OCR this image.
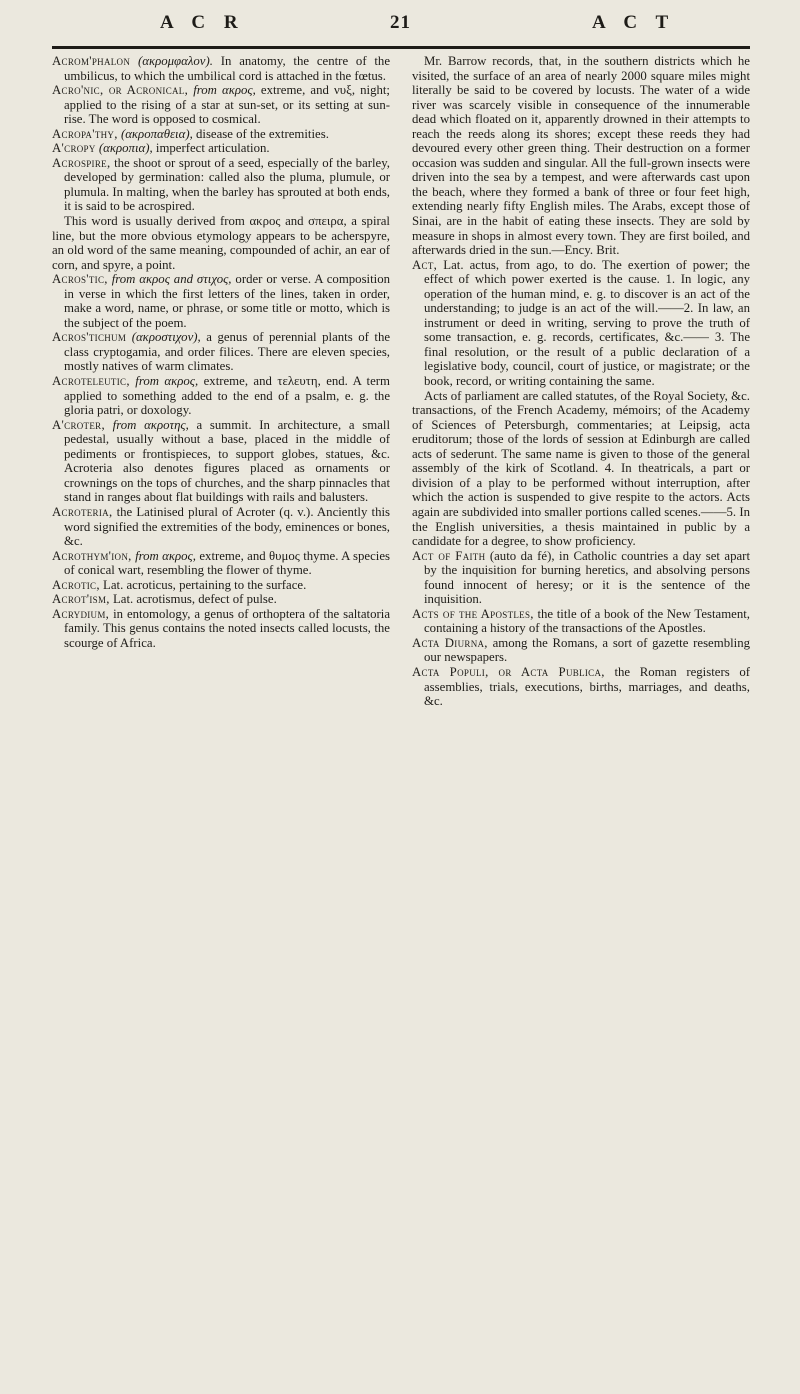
A C R	21	A C T

Acrom'phalon (ακρομφαλον). In anatomy, the centre of the umbilicus, to which the umbilical cord is attached in the fœtus.

Acro'nic, or Acronical, from ακρος, extreme, and νυξ, night; applied to the rising of a star at sun-set, or its setting at sun-rise. The word is opposed to cosmical.

Acropa'thy, (ακροπαθεια), disease of the extremities.

A'cropy (ακροπια), imperfect articulation.

Acrospire, the shoot or sprout of a seed, especially of the barley, developed by germination: called also the pluma, plumule, or plumula. In malting, when the barley has sprouted at both ends, it is said to be acrospired.

This word is usually derived from ακρος and σπειρα, a spiral line, but the more obvious etymology appears to be acherspyre, an old word of the same meaning, compounded of achir, an ear of corn, and spyre, a point.

Acros'tic, from ακρος and στιχος, order or verse. A composition in verse in which the first letters of the lines, taken in order, make a word, name, or phrase, or some title or motto, which is the subject of the poem.

Acros'tichum (ακροστιχον), a genus of perennial plants of the class cryptogamia, and order filices. There are eleven species, mostly natives of warm climates.

Acroteleutic, from ακρος, extreme, and τελευτη, end. A term applied to something added to the end of a psalm, e. g. the gloria patri, or doxology.

A'croter, from ακροτης, a summit. In architecture, a small pedestal, usually without a base, placed in the middle of pediments or frontispieces, to support globes, statues, &c. Acroteria also denotes figures placed as ornaments or crownings on the tops of churches, and the sharp pinnacles that stand in ranges about flat buildings with rails and balusters.

Acroteria, the Latinised plural of Acroter (q. v.). Anciently this word signified the extremities of the body, eminences or bones, &c.

Acrothym'ion, from ακρος, extreme, and θυμος thyme. A species of conical wart, resembling the flower of thyme.

Acrotic, Lat. acroticus, pertaining to the surface.

Acrot'ism, Lat. acrotismus, defect of pulse.

Acrydium, in entomology, a genus of orthoptera of the saltatoria family. This genus contains the noted insects called locusts, the scourge of Africa.

Mr. Barrow records, that, in the southern districts which he visited, the surface of an area of nearly 2000 square miles might literally be said to be covered by locusts. The water of a wide river was scarcely visible in consequence of the innumerable dead which floated on it, apparently drowned in their attempts to reach the reeds along its shores; except these reeds they had devoured every other green thing. Their destruction on a former occasion was sudden and singular. All the full-grown insects were driven into the sea by a tempest, and were afterwards cast upon the beach, where they formed a bank of three or four feet high, extending nearly fifty English miles. The Arabs, except those of Sinai, are in the habit of eating these insects. They are sold by measure in shops in almost every town. They are first boiled, and afterwards dried in the sun.—Ency. Brit.

Act, Lat. actus, from ago, to do. The exertion of power; the effect of which power exerted is the cause. 1. In logic, any operation of the human mind, e. g. to discover is an act of the understanding; to judge is an act of the will.——2. In law, an instrument or deed in writing, serving to prove the truth of some transaction, e. g. records, certificates, &c.—— 3. The final resolution, or the result of a public declaration of a legislative body, council, court of justice, or magistrate; or the book, record, or writing containing the same.

Acts of parliament are called statutes, of the Royal Society, &c. transactions, of the French Academy, mémoirs; of the Academy of Sciences of Petersburgh, commentaries; at Leipsig, acta eruditorum; those of the lords of session at Edinburgh are called acts of sederunt. The same name is given to those of the general assembly of the kirk of Scotland. 4. In theatricals, a part or division of a play to be performed without interruption, after which the action is suspended to give respite to the actors. Acts again are subdivided into smaller portions called scenes.——5. In the English universities, a thesis maintained in public by a candidate for a degree, to show proficiency.

Act of Faith (auto da fé), in Catholic countries a day set apart by the inquisition for burning heretics, and absolving persons found innocent of heresy; or it is the sentence of the inquisition.

Acts of the Apostles, the title of a book of the New Testament, containing a history of the transactions of the Apostles.

Acta Diurna, among the Romans, a sort of gazette resembling our newspapers.

Acta Populi, or Acta Publica, the Roman registers of assemblies, trials, executions, births, marriages, and deaths, &c.
